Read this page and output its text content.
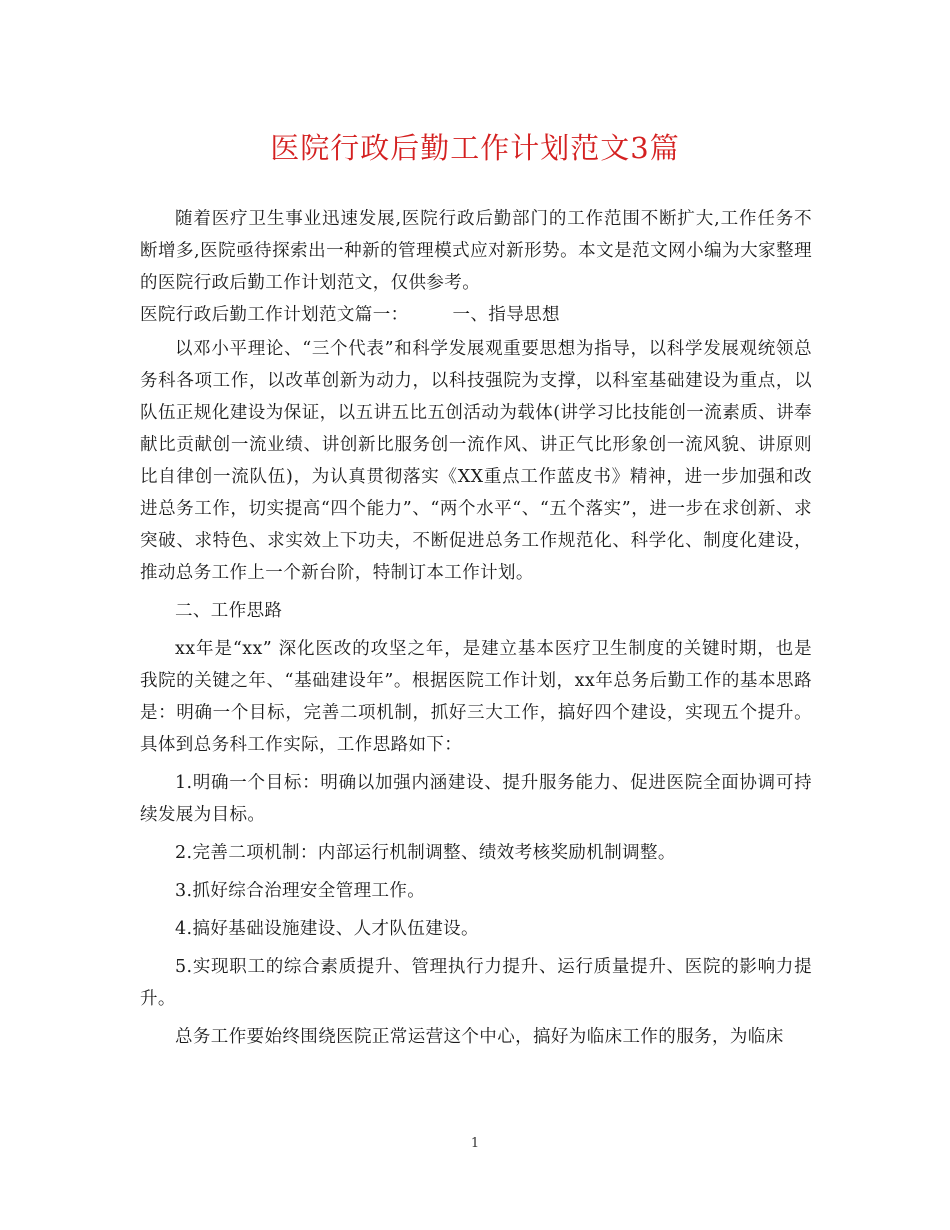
医院行政后勤工作计划范文3篇

随着医疗卫生事业迅速发展,医院行政后勤部门的工作范围不断扩大,工作任务不断增多,医院亟待探索出一种新的管理模式应对新形势。本文是范文网小编为大家整理的医院行政后勤工作计划范文，仅供参考。

医院行政后勤工作计划范文篇一：	一、指导思想

以邓小平理论、“三个代表”和科学发展观重要思想为指导，以科学发展观统领总务科各项工作，以改革创新为动力，以科技强院为支撑，以科室基础建设为重点，以队伍正规化建设为保证，以五讲五比五创活动为载体(讲学习比技能创一流素质、讲奉献比贡献创一流业绩、讲创新比服务创一流作风、讲正气比形象创一流风貌、讲原则比自律创一流队伍)，为认真贯彻落实《XX重点工作蓝皮书》精神，进一步加强和改进总务工作，切实提高“四个能力”、“两个水平“、“五个落实”，进一步在求创新、求突破、求特色、求实效上下功夫，不断促进总务工作规范化、科学化、制度化建设，推动总务工作上一个新台阶，特制订本工作计划。

二、工作思路

xx年是“xx” 深化医改的攻坚之年，是建立基本医疗卫生制度的关键时期，也是我院的关键之年、“基础建设年”。根据医院工作计划，xx年总务后勤工作的基本思路是：明确一个目标，完善二项机制，抓好三大工作，搞好四个建设，实现五个提升。具体到总务科工作实际，工作思路如下：

1.明确一个目标：明确以加强内涵建设、提升服务能力、促进医院全面协调可持续发展为目标。

2.完善二项机制：内部运行机制调整、绩效考核奖励机制调整。

3.抓好综合治理安全管理工作。

4.搞好基础设施建设、人才队伍建设。

5.实现职工的综合素质提升、管理执行力提升、运行质量提升、医院的影响力提升。

总务工作要始终围绕医院正常运营这个中心，搞好为临床工作的服务，为临床

1
